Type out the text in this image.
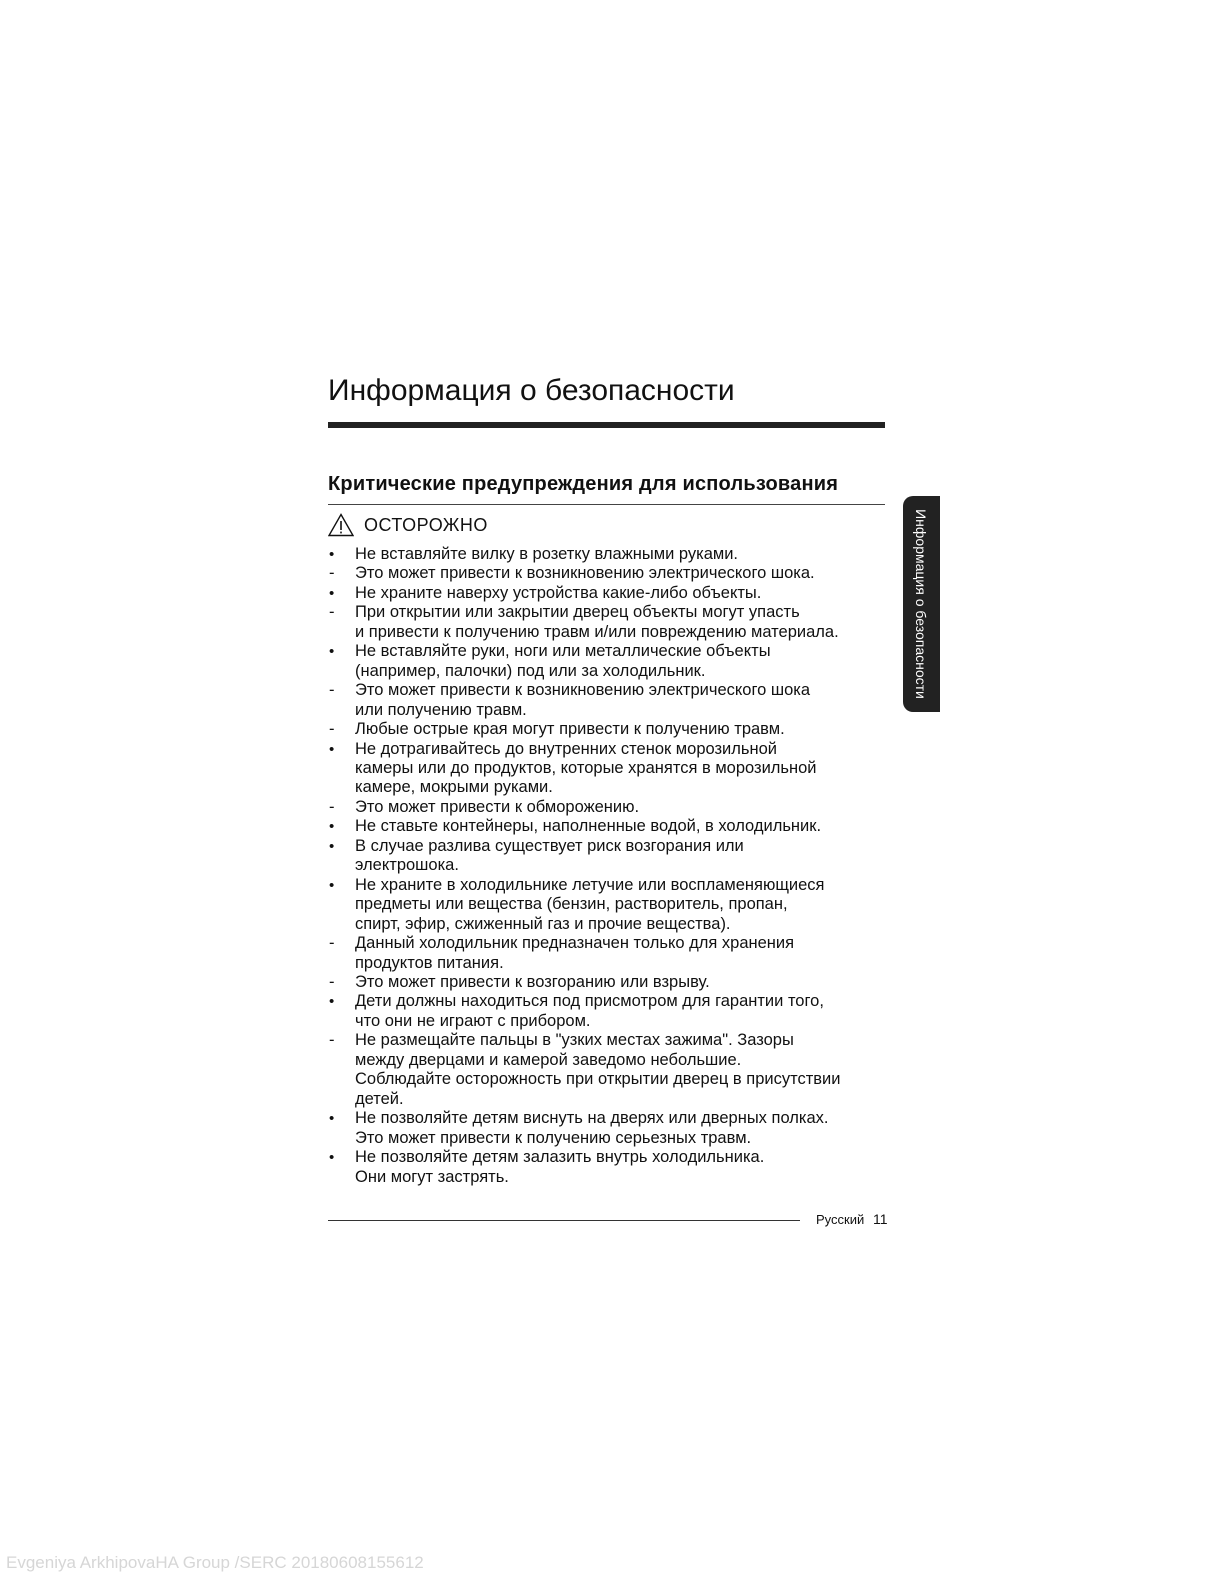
Информация о безопасности
Критические предупреждения для использования
ОСТОРОЖНО
•	Не вставляйте вилку в розетку влажными руками.
-	Это может привести к возникновению электрического шока.
•	Не храните наверху устройства какие-либо объекты.
-	При открытии или закрытии дверец объекты могут упасть
и привести к получению травм и/или повреждению материала.
•	Не вставляйте руки, ноги или металлические объекты
(например, палочки) под или за холодильник.
-	Это может привести к возникновению электрического шока
или получению травм.
-	Любые острые края могут привести к получению травм.
•	Не дотрагивайтесь до внутренних стенок морозильной
камеры или до продуктов, которые хранятся в морозильной
камере, мокрыми руками.
-	Это может привести к обморожению.
•	Не ставьте контейнеры, наполненные водой, в холодильник.
•	В случае разлива существует риск возгорания или
электрошока.
•	Не храните в холодильнике летучие или воспламеняющиеся
предметы или вещества (бензин, растворитель, пропан,
спирт, эфир, сжиженный газ и прочие вещества).
-	Данный холодильник предназначен только для хранения
продуктов питания.
-	Это может привести к возгоранию или взрыву.
•	Дети должны находиться под присмотром для гарантии того,
что они не играют с прибором.
-	Не размещайте пальцы в "узких местах зажима". Зазоры
между дверцами и камерой заведомо небольшие.
Соблюдайте осторожность при открытии дверец в присутствии
детей.
•	Не позволяйте детям виснуть на дверях или дверных полках.
Это может привести к получению серьезных травм.
•	Не позволяйте детям залазить внутрь холодильника.
Они могут застрять.
Русский 11
Информация о безопасности
Evgeniya ArkhipovaHA Group /SERC 20180608155612
